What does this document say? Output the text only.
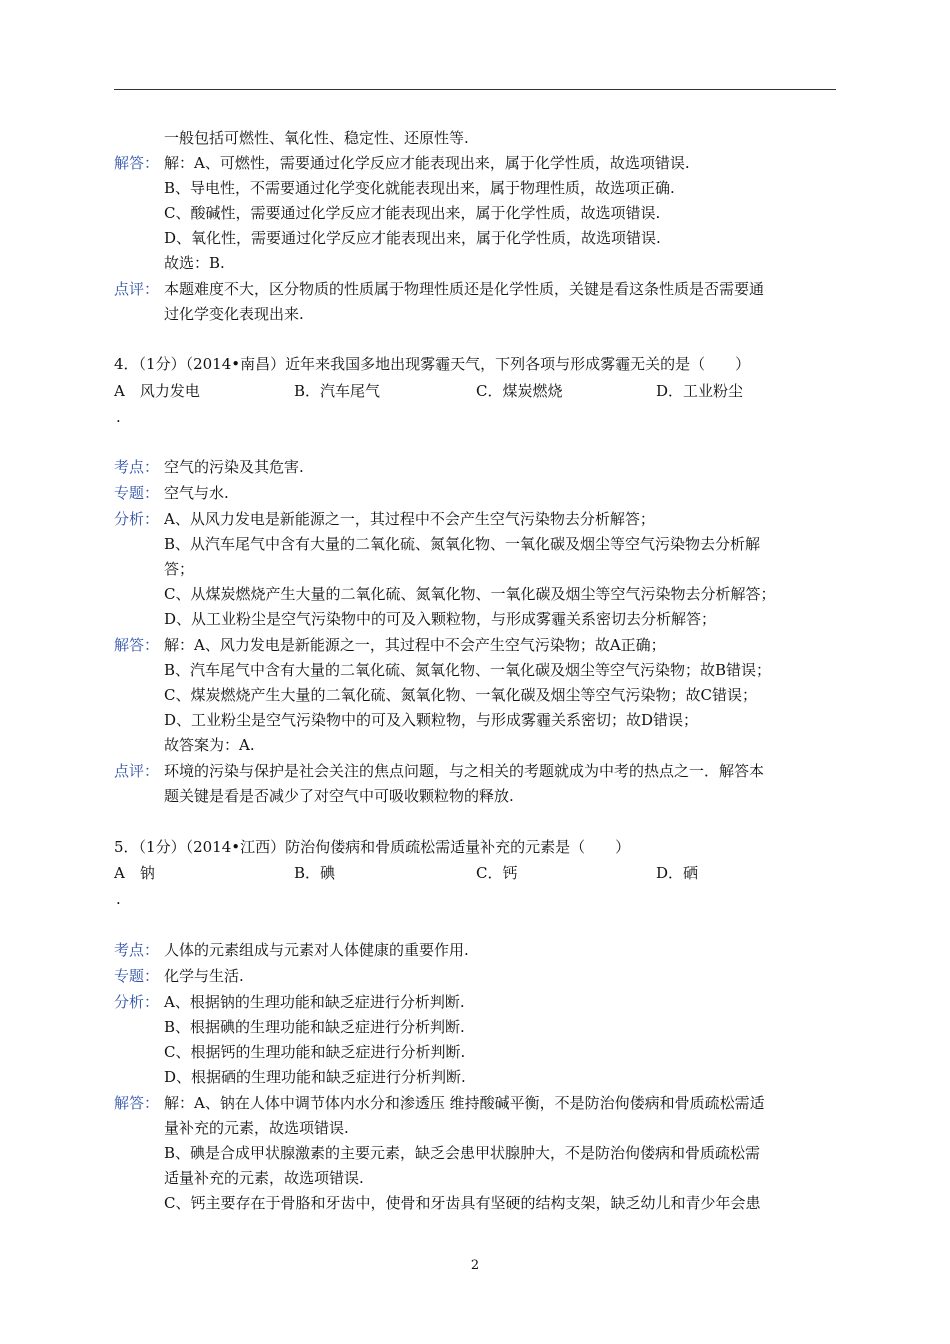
一般包括可燃性、氧化性、稳定性、还原性等.
解答： 解：A、可燃性，需要通过化学反应才能表现出来，属于化学性质，故选项错误.
B、导电性，不需要通过化学变化就能表现出来，属于物理性质，故选项正确.
C、酸碱性，需要通过化学反应才能表现出来，属于化学性质，故选项错误.
D、氧化性，需要通过化学反应才能表现出来，属于化学性质，故选项错误.
故选：B.
点评： 本题难度不大，区分物质的性质属于物理性质还是化学性质，关键是看这条性质是否需要通
过化学变化表现出来.
4．（1分）（2014•南昌）近年来我国多地出现雾霾天气，下列各项与形成雾霾无关的是（　　）
A　风力发电	B．汽车尾气	C．煤炭燃烧	D．工业粉尘
.
考点： 空气的污染及其危害.
专题： 空气与水.
分析： A、从风力发电是新能源之一，其过程中不会产生空气污染物去分析解答；
B、从汽车尾气中含有大量的二氧化硫、氮氧化物、一氧化碳及烟尘等空气污染物去分析解
答；
C、从煤炭燃烧产生大量的二氧化硫、氮氧化物、一氧化碳及烟尘等空气污染物去分析解答；
D、从工业粉尘是空气污染物中的可及入颗粒物，与形成雾霾关系密切去分析解答；
解答： 解：A、风力发电是新能源之一，其过程中不会产生空气污染物；故A正确；
B、汽车尾气中含有大量的二氧化硫、氮氧化物、一氧化碳及烟尘等空气污染物；故B错误；
C、煤炭燃烧产生大量的二氧化硫、氮氧化物、一氧化碳及烟尘等空气污染物；故C错误；
D、工业粉尘是空气污染物中的可及入颗粒物，与形成雾霾关系密切；故D错误；
故答案为：A.
点评： 环境的污染与保护是社会关注的焦点问题，与之相关的考题就成为中考的热点之一．解答本
题关键是看是否减少了对空气中可吸收颗粒物的释放.
5．（1分）（2014•江西）防治佝偻病和骨质疏松需适量补充的元素是（　　）
A　钠	B．碘	C．钙	D．硒
.
考点： 人体的元素组成与元素对人体健康的重要作用.
专题： 化学与生活.
分析： A、根据钠的生理功能和缺乏症进行分析判断.
B、根据碘的生理功能和缺乏症进行分析判断.
C、根据钙的生理功能和缺乏症进行分析判断.
D、根据硒的生理功能和缺乏症进行分析判断.
解答： 解：A、钠在人体中调节体内水分和渗透压 维持酸碱平衡，不是防治佝偻病和骨质疏松需适
量补充的元素，故选项错误.
B、碘是合成甲状腺激素的主要元素，缺乏会患甲状腺肿大，不是防治佝偻病和骨质疏松需
适量补充的元素，故选项错误.
C、钙主要存在于骨胳和牙齿中，使骨和牙齿具有坚硬的结构支架，缺乏幼儿和青少年会患
2
